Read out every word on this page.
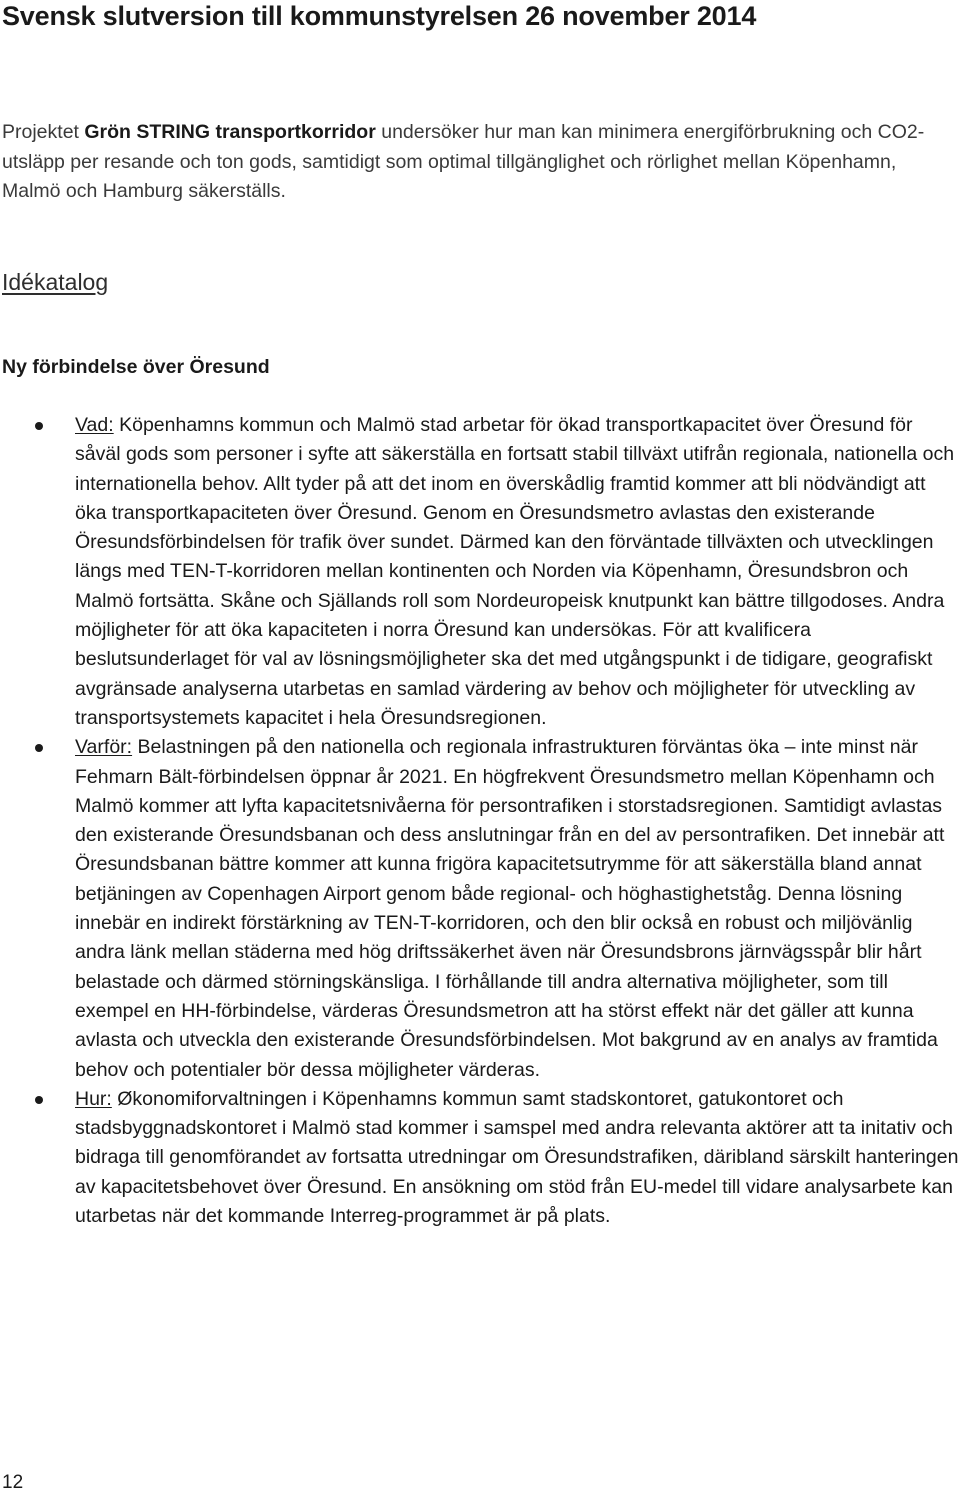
Svensk slutversion till kommunstyrelsen 26 november 2014

Projektet Grön STRING transportkorridor undersöker hur man kan minimera energiförbrukning och CO2-utsläpp per resande och ton gods, samtidigt som optimal tillgänglighet och rörlighet mellan Köpenhamn, Malmö och Hamburg säkerställs.

Idékatalog
Ny förbindelse över Öresund
Vad: Köpenhamns kommun och Malmö stad arbetar för ökad transportkapacitet över Öresund för såväl gods som personer i syfte att säkerställa en fortsatt stabil tillväxt utifrån regionala, nationella och internationella behov. Allt tyder på att det inom en överskådlig framtid kommer att bli nödvändigt att öka transportkapaciteten över Öresund. Genom en Öresundsmetro avlastas den existerande Öresundsförbindelsen för trafik över sundet. Därmed kan den förväntade tillväxten och utvecklingen längs med TEN-T-korridoren mellan kontinenten och Norden via Köpenhamn, Öresundsbron och Malmö fortsätta. Skåne och Själlands roll som Nordeuropeisk knutpunkt kan bättre tillgodoses. Andra möjligheter för att öka kapaciteten i norra Öresund kan undersökas. För att kvalificera beslutsunderlaget för val av lösningsmöjligheter ska det med utgångspunkt i de tidigare, geografiskt avgränsade analyserna utarbetas en samlad värdering av behov och möjligheter för utveckling av transportsystemets kapacitet i hela Öresundsregionen.
Varför: Belastningen på den nationella och regionala infrastrukturen förväntas öka – inte minst när Fehmarn Bält-förbindelsen öppnar år 2021. En högfrekvent Öresundsmetro mellan Köpenhamn och Malmö kommer att lyfta kapacitetsnivåerna för persontrafiken i storstadsregionen. Samtidigt avlastas den existerande Öresundsbanan och dess anslutningar från en del av persontrafiken. Det innebär att Öresundsbanan bättre kommer att kunna frigöra kapacitetsutrymme för att säkerställa bland annat betjäningen av Copenhagen Airport genom både regional- och höghastighetståg. Denna lösning innebär en indirekt förstärkning av TEN-T-korridoren, och den blir också en robust och miljövänlig andra länk mellan städerna med hög driftssäkerhet även när Öresundsbrons järnvägsspår blir hårt belastade och därmed störningskänsliga. I förhållande till andra alternativa möjligheter, som till exempel en HH-förbindelse, värderas Öresundsmetron att ha störst effekt när det gäller att kunna avlasta och utveckla den existerande Öresundsförbindelsen. Mot bakgrund av en analys av framtida behov och potentialer bör dessa möjligheter värderas.
Hur: Økonomiforvaltningen i Köpenhamns kommun samt stadskontoret, gatukontoret och stadsbyggnadskontoret i Malmö stad kommer i samspel med andra relevanta aktörer att ta initativ och bidraga till genomförandet av fortsatta utredningar om Öresundstrafiken, däribland särskilt hanteringen av kapacitetsbehovet över Öresund. En ansökning om stöd från EU-medel till vidare analysarbete kan utarbetas när det kommande Interreg-programmet är på plats.

12
